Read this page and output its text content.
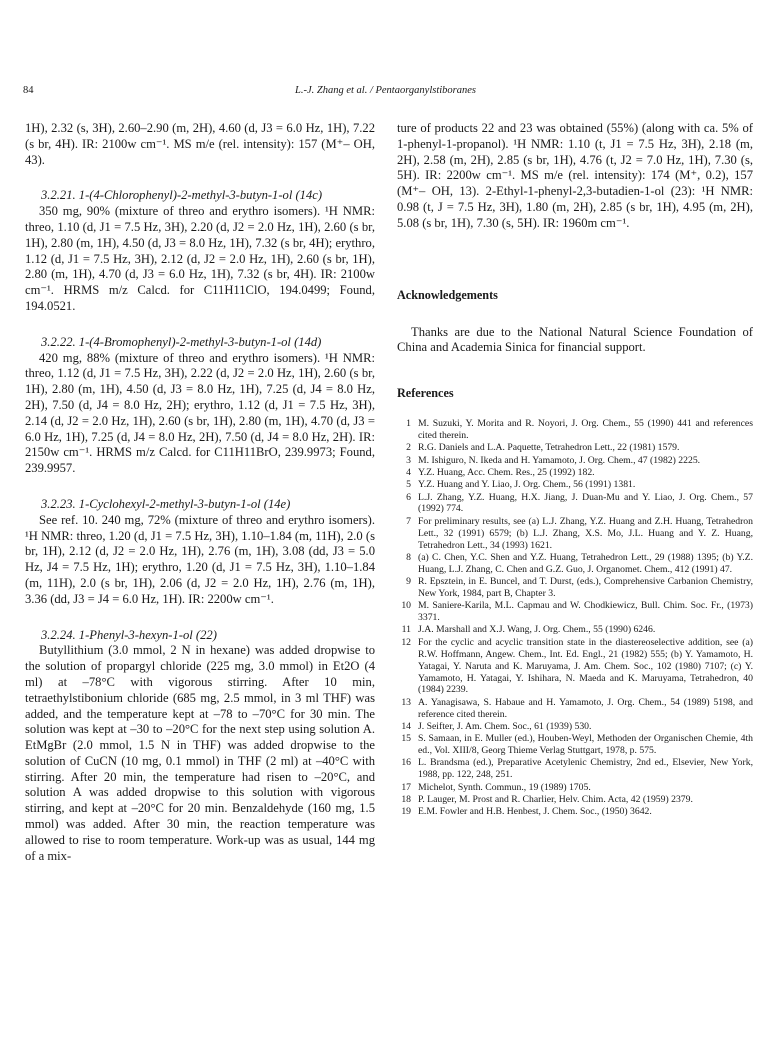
84	L.-J. Zhang et al. / Pentaorganylstiboranes

1H), 2.32 (s, 3H), 2.60–2.90 (m, 2H), 4.60 (d, J3 = 6.0 Hz, 1H), 7.22 (s br, 4H). IR: 2100w cm⁻¹. MS m/e (rel. intensity): 157 (M⁺– OH, 43).

3.2.21. 1-(4-Chlorophenyl)-2-methyl-3-butyn-1-ol (14c)

350 mg, 90% (mixture of threo and erythro isomers). ¹H NMR: threo, 1.10 (d, J1 = 7.5 Hz, 3H), 2.20 (d, J2 = 2.0 Hz, 1H), 2.60 (s br, 1H), 2.80 (m, 1H), 4.50 (d, J3 = 8.0 Hz, 1H), 7.32 (s br, 4H); erythro, 1.12 (d, J1 = 7.5 Hz, 3H), 2.12 (d, J2 = 2.0 Hz, 1H), 2.60 (s br, 1H), 2.80 (m, 1H), 4.70 (d, J3 = 6.0 Hz, 1H), 7.32 (s br, 4H). IR: 2100w cm⁻¹. HRMS m/z Calcd. for C11H11ClO, 194.0499; Found, 194.0521.

3.2.22. 1-(4-Bromophenyl)-2-methyl-3-butyn-1-ol (14d)

420 mg, 88% (mixture of threo and erythro isomers). ¹H NMR: threo, 1.12 (d, J1 = 7.5 Hz, 3H), 2.22 (d, J2 = 2.0 Hz, 1H), 2.60 (s br, 1H), 2.80 (m, 1H), 4.50 (d, J3 = 8.0 Hz, 1H), 7.25 (d, J4 = 8.0 Hz, 2H), 7.50 (d, J4 = 8.0 Hz, 2H); erythro, 1.12 (d, J1 = 7.5 Hz, 3H), 2.14 (d, J2 = 2.0 Hz, 1H), 2.60 (s br, 1H), 2.80 (m, 1H), 4.70 (d, J3 = 6.0 Hz, 1H), 7.25 (d, J4 = 8.0 Hz, 2H), 7.50 (d, J4 = 8.0 Hz, 2H). IR: 2150w cm⁻¹. HRMS m/z Calcd. for C11H11BrO, 239.9973; Found, 239.9957.

3.2.23. 1-Cyclohexyl-2-methyl-3-butyn-1-ol (14e)

See ref. 10. 240 mg, 72% (mixture of threo and erythro isomers). ¹H NMR: threo, 1.20 (d, J1 = 7.5 Hz, 3H), 1.10–1.84 (m, 11H), 2.0 (s br, 1H), 2.12 (d, J2 = 2.0 Hz, 1H), 2.76 (m, 1H), 3.08 (dd, J3 = 5.0 Hz, J4 = 7.5 Hz, 1H); erythro, 1.20 (d, J1 = 7.5 Hz, 3H), 1.10–1.84 (m, 11H), 2.0 (s br, 1H), 2.06 (d, J2 = 2.0 Hz, 1H), 2.76 (m, 1H), 3.36 (dd, J3 = J4 = 6.0 Hz, 1H). IR: 2200w cm⁻¹.

3.2.24. 1-Phenyl-3-hexyn-1-ol (22)

Butyllithium (3.0 mmol, 2 N in hexane) was added dropwise to the solution of propargyl chloride (225 mg, 3.0 mmol) in Et2O (4 ml) at –78°C with vigorous stirring. After 10 min, tetraethylstibonium chloride (685 mg, 2.5 mmol, in 3 ml THF) was added, and the temperature kept at –78 to –70°C for 30 min. The solution was kept at –30 to –20°C for the next step using solution A. EtMgBr (2.0 mmol, 1.5 N in THF) was added dropwise to the solution of CuCN (10 mg, 0.1 mmol) in THF (2 ml) at –40°C with stirring. After 20 min, the temperature had risen to –20°C, and solution A was added dropwise to this solution with vigorous stirring, and kept at –20°C for 20 min. Benzaldehyde (160 mg, 1.5 mmol) was added. After 30 min, the reaction temperature was allowed to rise to room temperature. Work-up was as usual, 144 mg of a mix-

ture of products 22 and 23 was obtained (55%) (along with ca. 5% of 1-phenyl-1-propanol). ¹H NMR: 1.10 (t, J1 = 7.5 Hz, 3H), 2.18 (m, 2H), 2.58 (m, 2H), 2.85 (s br, 1H), 4.76 (t, J2 = 7.0 Hz, 1H), 7.30 (s, 5H). IR: 2200w cm⁻¹. MS m/e (rel. intensity): 174 (M⁺, 0.2), 157 (M⁺– OH, 13). 2-Ethyl-1-phenyl-2,3-butadien-1-ol (23): ¹H NMR: 0.98 (t, J = 7.5 Hz, 3H), 1.80 (m, 2H), 2.85 (s br, 1H), 4.95 (m, 2H), 5.08 (s br, 1H), 7.30 (s, 5H). IR: 1960m cm⁻¹.

Acknowledgements

Thanks are due to the National Natural Science Foundation of China and Academia Sinica for financial support.

References
1 M. Suzuki, Y. Morita and R. Noyori, J. Org. Chem., 55 (1990) 441 and references cited therein.
2 R.G. Daniels and L.A. Paquette, Tetrahedron Lett., 22 (1981) 1579.
3 M. Ishiguro, N. Ikeda and H. Yamamoto, J. Org. Chem., 47 (1982) 2225.
4 Y.Z. Huang, Acc. Chem. Res., 25 (1992) 182.
5 Y.Z. Huang and Y. Liao, J. Org. Chem., 56 (1991) 1381.
6 L.J. Zhang, Y.Z. Huang, H.X. Jiang, J. Duan-Mu and Y. Liao, J. Org. Chem., 57 (1992) 774.
7 For preliminary results, see (a) L.J. Zhang, Y.Z. Huang and Z.H. Huang, Tetrahedron Lett., 32 (1991) 6579; (b) L.J. Zhang, X.S. Mo, J.L. Huang and Y. Z. Huang, Tetrahedron Lett., 34 (1993) 1621.
8 (a) C. Chen, Y.C. Shen and Y.Z. Huang, Tetrahedron Lett., 29 (1988) 1395; (b) Y.Z. Huang, L.J. Zhang, C. Chen and G.Z. Guo, J. Organomet. Chem., 412 (1991) 47.
9 R. Epsztein, in E. Buncel, and T. Durst, (eds.), Comprehensive Carbanion Chemistry, New York, 1984, part B, Chapter 3.
10 M. Saniere-Karila, M.L. Capmau and W. Chodkiewicz, Bull. Chim. Soc. Fr., (1973) 3371.
11 J.A. Marshall and X.J. Wang, J. Org. Chem., 55 (1990) 6246.
12 For the cyclic and acyclic transition state in the diastereoselective addition, see (a) R.W. Hoffmann, Angew. Chem., Int. Ed. Engl., 21 (1982) 555; (b) Y. Yamamoto, H. Yatagai, Y. Naruta and K. Maruyama, J. Am. Chem. Soc., 102 (1980) 7107; (c) Y. Yamamoto, H. Yatagai, Y. Ishihara, N. Maeda and K. Maruyama, Tetrahedron, 40 (1984) 2239.
13 A. Yanagisawa, S. Habaue and H. Yamamoto, J. Org. Chem., 54 (1989) 5198, and reference cited therein.
14 J. Seifter, J. Am. Chem. Soc., 61 (1939) 530.
15 S. Samaan, in E. Muller (ed.), Houben-Weyl, Methoden der Organischen Chemie, 4th ed., Vol. XIII/8, Georg Thieme Verlag Stuttgart, 1978, p. 575.
16 L. Brandsma (ed.), Preparative Acetylenic Chemistry, 2nd ed., Elsevier, New York, 1988, pp. 122, 248, 251.
17 Michelot, Synth. Commun., 19 (1989) 1705.
18 P. Lauger, M. Prost and R. Charlier, Helv. Chim. Acta, 42 (1959) 2379.
19 E.M. Fowler and H.B. Henbest, J. Chem. Soc., (1950) 3642.
